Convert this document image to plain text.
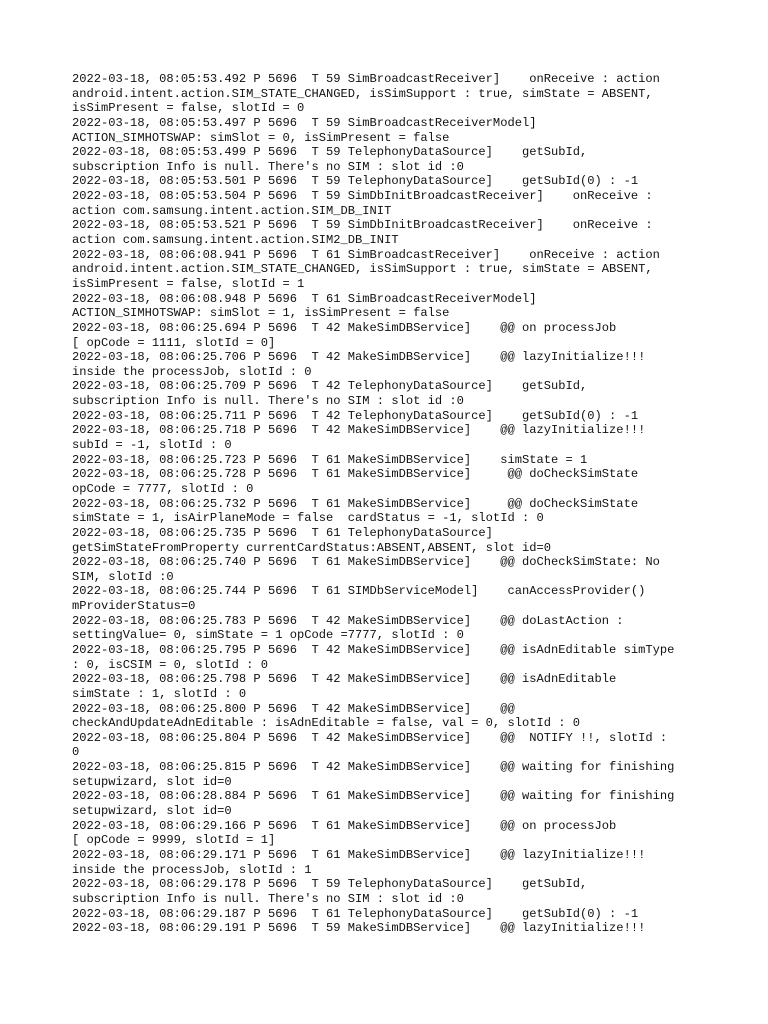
2022-03-18, 08:05:53.492 P 5696  T 59 SimBroadcastReceiver]    onReceive : action
android.intent.action.SIM_STATE_CHANGED, isSimSupport : true, simState = ABSENT,
isSimPresent = false, slotId = 0
2022-03-18, 08:05:53.497 P 5696  T 59 SimBroadcastReceiverModel]
ACTION_SIMHOTSWAP: simSlot = 0, isSimPresent = false
2022-03-18, 08:05:53.499 P 5696  T 59 TelephonyDataSource]    getSubId,
subscription Info is null. There's no SIM : slot id :0
2022-03-18, 08:05:53.501 P 5696  T 59 TelephonyDataSource]    getSubId(0) : -1
2022-03-18, 08:05:53.504 P 5696  T 59 SimDbInitBroadcastReceiver]    onReceive :
action com.samsung.intent.action.SIM_DB_INIT
2022-03-18, 08:05:53.521 P 5696  T 59 SimDbInitBroadcastReceiver]    onReceive :
action com.samsung.intent.action.SIM2_DB_INIT
2022-03-18, 08:06:08.941 P 5696  T 61 SimBroadcastReceiver]    onReceive : action
android.intent.action.SIM_STATE_CHANGED, isSimSupport : true, simState = ABSENT,
isSimPresent = false, slotId = 1
2022-03-18, 08:06:08.948 P 5696  T 61 SimBroadcastReceiverModel]
ACTION_SIMHOTSWAP: simSlot = 1, isSimPresent = false
2022-03-18, 08:06:25.694 P 5696  T 42 MakeSimDBService]    @@ on processJob
[ opCode = 1111, slotId = 0]
2022-03-18, 08:06:25.706 P 5696  T 42 MakeSimDBService]    @@ lazyInitialize!!!
inside the processJob, slotId : 0
2022-03-18, 08:06:25.709 P 5696  T 42 TelephonyDataSource]    getSubId,
subscription Info is null. There's no SIM : slot id :0
2022-03-18, 08:06:25.711 P 5696  T 42 TelephonyDataSource]    getSubId(0) : -1
2022-03-18, 08:06:25.718 P 5696  T 42 MakeSimDBService]    @@ lazyInitialize!!!
subId = -1, slotId : 0
2022-03-18, 08:06:25.723 P 5696  T 61 MakeSimDBService]    simState = 1
2022-03-18, 08:06:25.728 P 5696  T 61 MakeSimDBService]     @@ doCheckSimState
opCode = 7777, slotId : 0
2022-03-18, 08:06:25.732 P 5696  T 61 MakeSimDBService]     @@ doCheckSimState
simState = 1, isAirPlaneMode = false  cardStatus = -1, slotId : 0
2022-03-18, 08:06:25.735 P 5696  T 61 TelephonyDataSource]
getSimStateFromProperty currentCardStatus:ABSENT,ABSENT, slot id=0
2022-03-18, 08:06:25.740 P 5696  T 61 MakeSimDBService]    @@ doCheckSimState: No
SIM, slotId :0
2022-03-18, 08:06:25.744 P 5696  T 61 SIMDbServiceModel]    canAccessProvider()
mProviderStatus=0
2022-03-18, 08:06:25.783 P 5696  T 42 MakeSimDBService]    @@ doLastAction :
settingValue= 0, simState = 1 opCode =7777, slotId : 0
2022-03-18, 08:06:25.795 P 5696  T 42 MakeSimDBService]    @@ isAdnEditable simType
: 0, isCSIM = 0, slotId : 0
2022-03-18, 08:06:25.798 P 5696  T 42 MakeSimDBService]    @@ isAdnEditable
simState : 1, slotId : 0
2022-03-18, 08:06:25.800 P 5696  T 42 MakeSimDBService]    @@
checkAndUpdateAdnEditable : isAdnEditable = false, val = 0, slotId : 0
2022-03-18, 08:06:25.804 P 5696  T 42 MakeSimDBService]    @@  NOTIFY !!, slotId :
0
2022-03-18, 08:06:25.815 P 5696  T 42 MakeSimDBService]    @@ waiting for finishing
setupwizard, slot id=0
2022-03-18, 08:06:28.884 P 5696  T 61 MakeSimDBService]    @@ waiting for finishing
setupwizard, slot id=0
2022-03-18, 08:06:29.166 P 5696  T 61 MakeSimDBService]    @@ on processJob
[ opCode = 9999, slotId = 1]
2022-03-18, 08:06:29.171 P 5696  T 61 MakeSimDBService]    @@ lazyInitialize!!!
inside the processJob, slotId : 1
2022-03-18, 08:06:29.178 P 5696  T 59 TelephonyDataSource]    getSubId,
subscription Info is null. There's no SIM : slot id :0
2022-03-18, 08:06:29.187 P 5696  T 61 TelephonyDataSource]    getSubId(0) : -1
2022-03-18, 08:06:29.191 P 5696  T 59 MakeSimDBService]    @@ lazyInitialize!!!
